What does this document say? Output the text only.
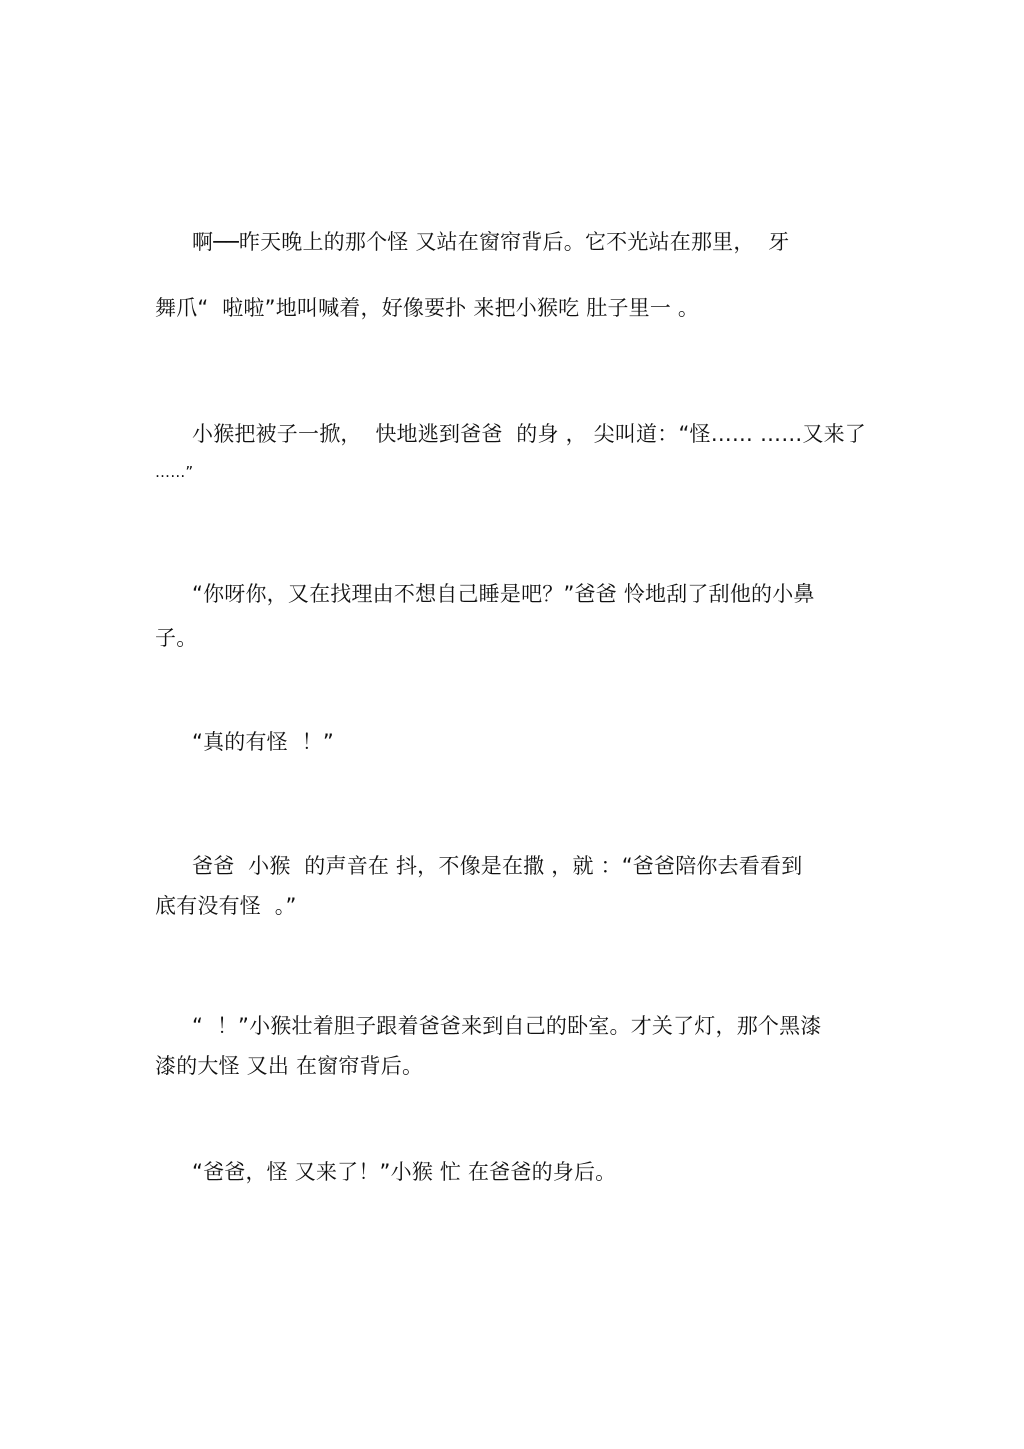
啊──昨天晚上的那个怪 又站在窗帘背后。它不光站在那里，  牙
舞爪“  啦啦”地叫喊着，好像要扑 来把小猴吃 肚子里一 。
小猴把被子一掀，  快地逃到爸爸  的身 ， 尖叫道：“怪…… ……又来了
……”
“你呀你，又在找理由不想自己睡是吧？”爸爸 怜地刮了刮他的小鼻
子。
“真的有怪  ！”
爸爸  小猴  的声音在 抖，不像是在撒 ，就 ：“爸爸陪你去看看到
底有没有怪  。”
“  ！”小猴壮着胆子跟着爸爸来到自己的卧室。才关了灯，那个黑漆
漆的大怪 又出 在窗帘背后。
“爸爸，怪 又来了！”小猴 忙 在爸爸的身后。
